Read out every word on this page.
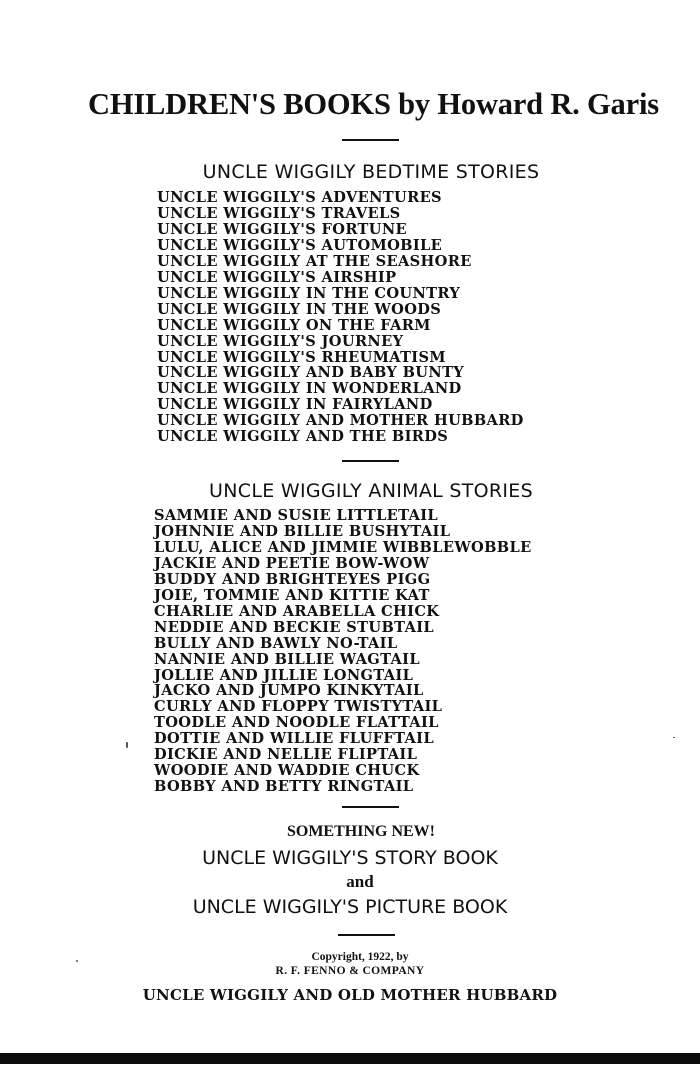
CHILDREN'S BOOKS by Howard R. Garis
UNCLE WIGGILY BEDTIME STORIES
UNCLE WIGGILY'S ADVENTURES
UNCLE WIGGILY'S TRAVELS
UNCLE WIGGILY'S FORTUNE
UNCLE WIGGILY'S AUTOMOBILE
UNCLE WIGGILY AT THE SEASHORE
UNCLE WIGGILY'S AIRSHIP
UNCLE WIGGILY IN THE COUNTRY
UNCLE WIGGILY IN THE WOODS
UNCLE WIGGILY ON THE FARM
UNCLE WIGGILY'S JOURNEY
UNCLE WIGGILY'S RHEUMATISM
UNCLE WIGGILY AND BABY BUNTY
UNCLE WIGGILY IN WONDERLAND
UNCLE WIGGILY IN FAIRYLAND
UNCLE WIGGILY AND MOTHER HUBBARD
UNCLE WIGGILY AND THE BIRDS
UNCLE WIGGILY ANIMAL STORIES
SAMMIE AND SUSIE LITTLETAIL
JOHNNIE AND BILLIE BUSHYTAIL
LULU, ALICE AND JIMMIE WIBBLEWOBBLE
JACKIE AND PEETIE BOW-WOW
BUDDY AND BRIGHTEYES PIGG
JOIE, TOMMIE AND KITTIE KAT
CHARLIE AND ARABELLA CHICK
NEDDIE AND BECKIE STUBTAIL
BULLY AND BAWLY NO-TAIL
NANNIE AND BILLIE WAGTAIL
JOLLIE AND JILLIE LONGTAIL
JACKO AND JUMPO KINKYTAIL
CURLY AND FLOPPY TWISTYTAIL
TOODLE AND NOODLE FLATTAIL
DOTTIE AND WILLIE FLUFFTAIL
DICKIE AND NELLIE FLIPTAIL
WOODIE AND WADDIE CHUCK
BOBBY AND BETTY RINGTAIL
SOMETHING NEW!
UNCLE WIGGILY'S STORY BOOK
and
UNCLE WIGGILY'S PICTURE BOOK
Copyright, 1922, by
R. F. FENNO & COMPANY
UNCLE WIGGILY AND OLD MOTHER HUBBARD
